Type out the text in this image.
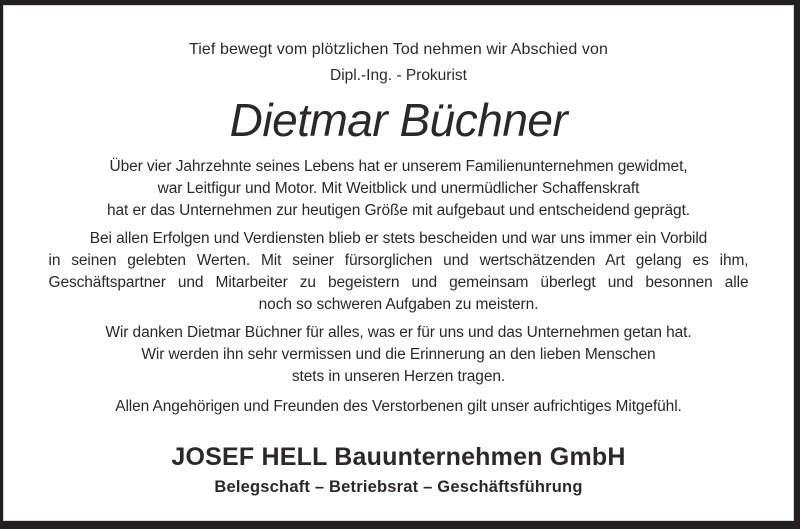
Tief bewegt vom plötzlichen Tod nehmen wir Abschied von
Dipl.-Ing. - Prokurist
Dietmar Büchner
Über vier Jahrzehnte seines Lebens hat er unserem Familienunternehmen gewidmet,
war Leitfigur und Motor. Mit Weitblick und unermüdlicher Schaffenskraft
hat er das Unternehmen zur heutigen Größe mit aufgebaut und entscheidend geprägt.
Bei allen Erfolgen und Verdiensten blieb er stets bescheiden und war uns immer ein Vorbild
in seinen gelebten Werten. Mit seiner fürsorglichen und wertschätzenden Art gelang es ihm,
Geschäftspartner und Mitarbeiter zu begeistern und gemeinsam überlegt und besonnen alle
noch so schweren Aufgaben zu meistern.
Wir danken Dietmar Büchner für alles, was er für uns und das Unternehmen getan hat.
Wir werden ihn sehr vermissen und die Erinnerung an den lieben Menschen
stets in unseren Herzen tragen.
Allen Angehörigen und Freunden des Verstorbenen gilt unser aufrichtiges Mitgefühl.
JOSEF HELL Bauunternehmen GmbH
Belegschaft – Betriebsrat – Geschäftsführung
